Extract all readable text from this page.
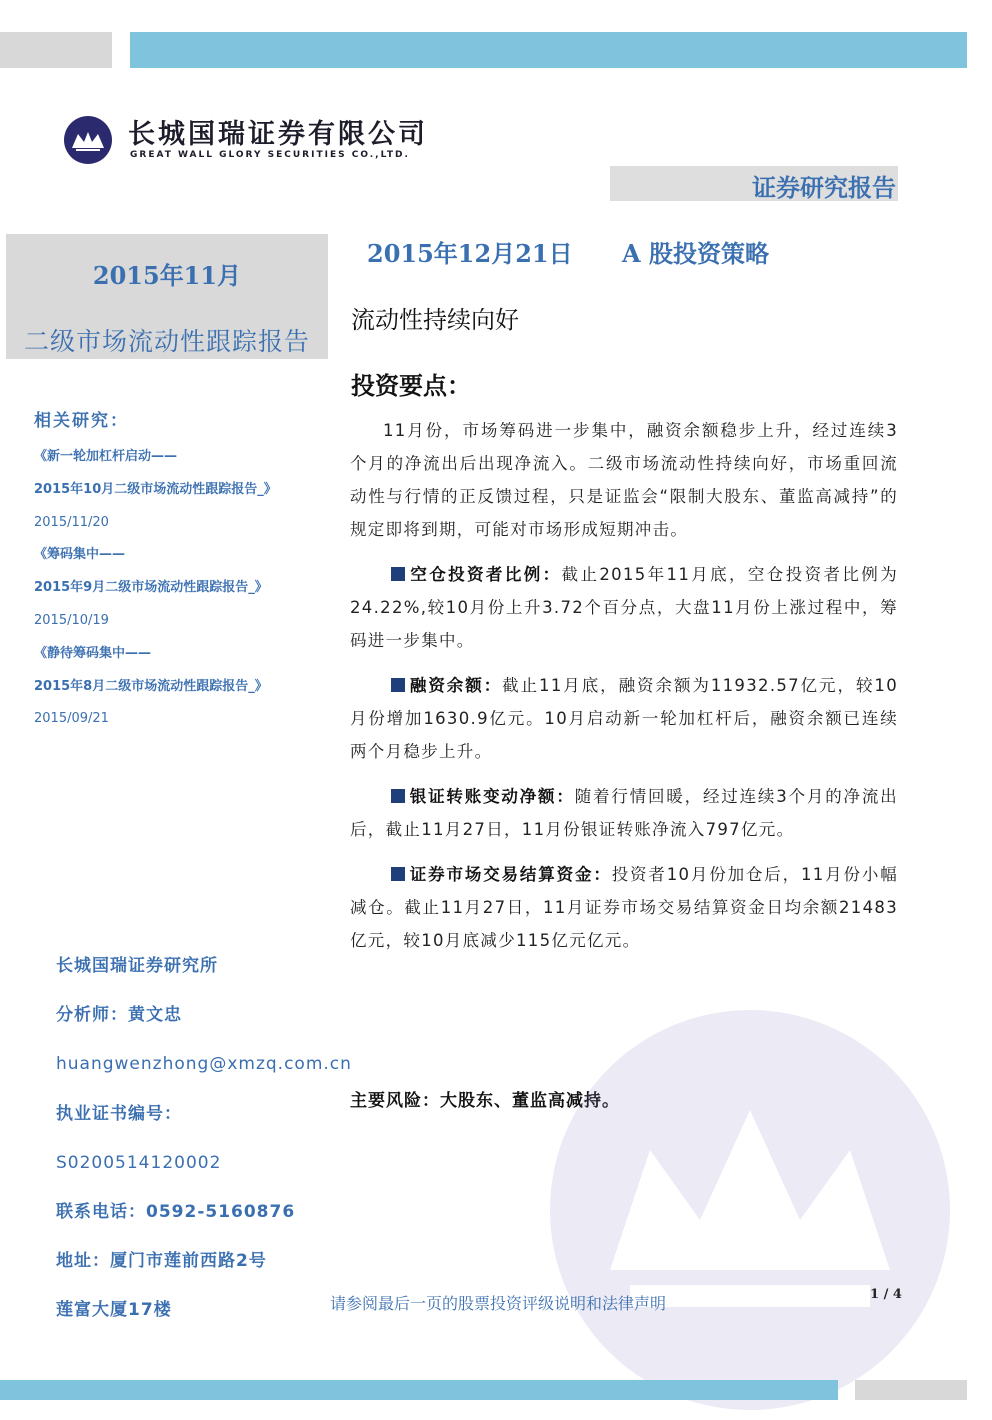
长城国瑞证券有限公司
GREAT WALL GLORY SECURITIES CO.,LTD.
证券研究报告
2015年11月
二级市场流动性跟踪报告
2015年12月21日 A 股投资策略
流动性持续向好
投资要点：

11月份，市场筹码进一步集中，融资余额稳步上升，经过连续3个月的净流出后出现净流入。二级市场流动性持续向好，市场重回流动性与行情的正反馈过程，只是证监会“限制大股东、董监高减持”的规定即将到期，可能对市场形成短期冲击。

空仓投资者比例：截止2015年11月底，空仓投资者比例为24.22%,较10月份上升3.72个百分点，大盘11月份上涨过程中，筹码进一步集中。

融资余额：截止11月底，融资余额为11932.57亿元，较10月份增加1630.9亿元。10月启动新一轮加杠杆后，融资余额已连续两个月稳步上升。

银证转账变动净额：随着行情回暖，经过连续3个月的净流出后，截止11月27日，11月份银证转账净流入797亿元。

证券市场交易结算资金：投资者10月份加仓后，11月份小幅减仓。截止11月27日，11月证券市场交易结算资金日均余额21483亿元，较10月底减少115亿元亿元。

主要风险：大股东、董监高减持。
相关研究：
《新一轮加杠杆启动——
2015年10月二级市场流动性跟踪报告_》
2015/11/20
《筹码集中——
2015年9月二级市场流动性跟踪报告_》
2015/10/19
《静待筹码集中——
2015年8月二级市场流动性跟踪报告_》
2015/09/21
长城国瑞证券研究所
分析师：黄文忠
huangwenzhong@xmzq.com.cn
执业证书编号：
S0200514120002
联系电话：0592-5160876
地址：厦门市莲前西路2号
莲富大厦17楼	请参阅最后一页的股票投资评级说明和法律声明	1 / 4
